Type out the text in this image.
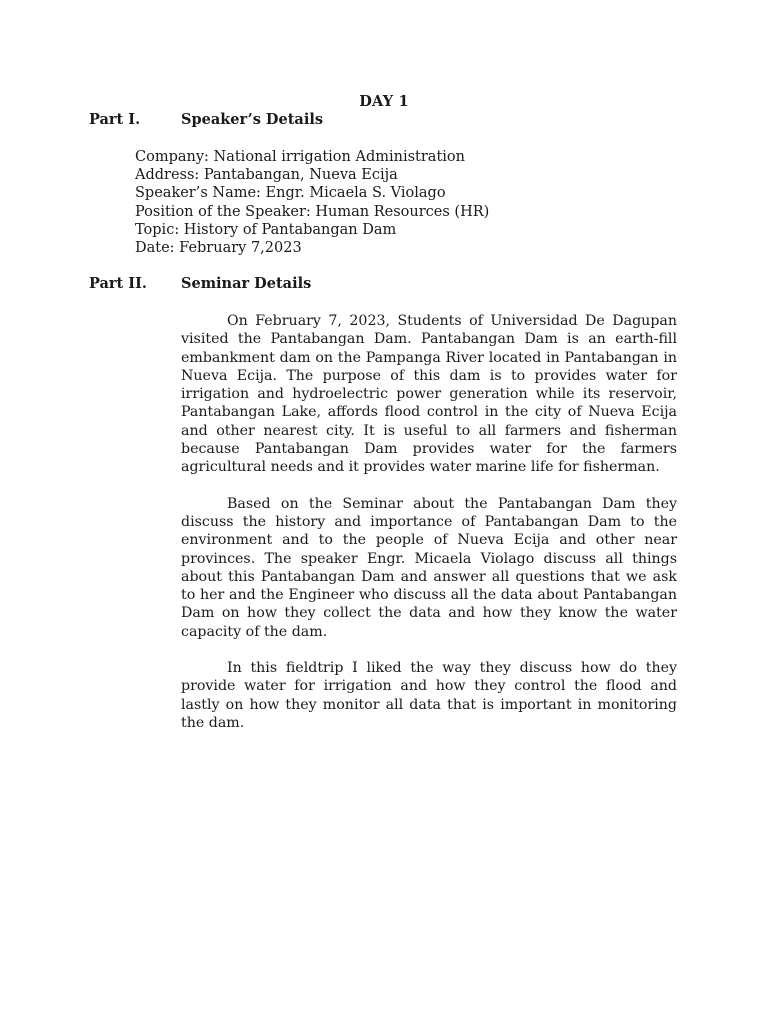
DAY 1
Part I.	Speaker’s Details
Company: National irrigation Administration
Address: Pantabangan, Nueva Ecija
Speaker’s Name: Engr. Micaela S. Violago
Position of the Speaker: Human Resources (HR)
Topic: History of Pantabangan Dam
Date: February 7,2023
Part II. Seminar Details

On February 7, 2023, Students of Universidad De Dagupan visited the Pantabangan Dam. Pantabangan Dam is an earth-fill embankment dam on the Pampanga River located in Pantabangan in Nueva Ecija. The purpose of this dam is to provides water for irrigation and hydroelectric power generation while its reservoir, Pantabangan Lake, affords flood control in the city of Nueva Ecija and other nearest city. It is useful to all farmers and fisherman because Pantabangan Dam provides water for the farmers agricultural needs and it provides water marine life for fisherman.

Based on the Seminar about the Pantabangan Dam they discuss the history and importance of Pantabangan Dam to the environment and to the people of Nueva Ecija and other near provinces. The speaker Engr. Micaela Violago discuss all things about this Pantabangan Dam and answer all questions that we ask to her and the Engineer who discuss all the data about Pantabangan Dam on how they collect the data and how they know the water capacity of the dam.

In this fieldtrip I liked the way they discuss how do they provide water for irrigation and how they control the flood and lastly on how they monitor all data that is important in monitoring the dam.
